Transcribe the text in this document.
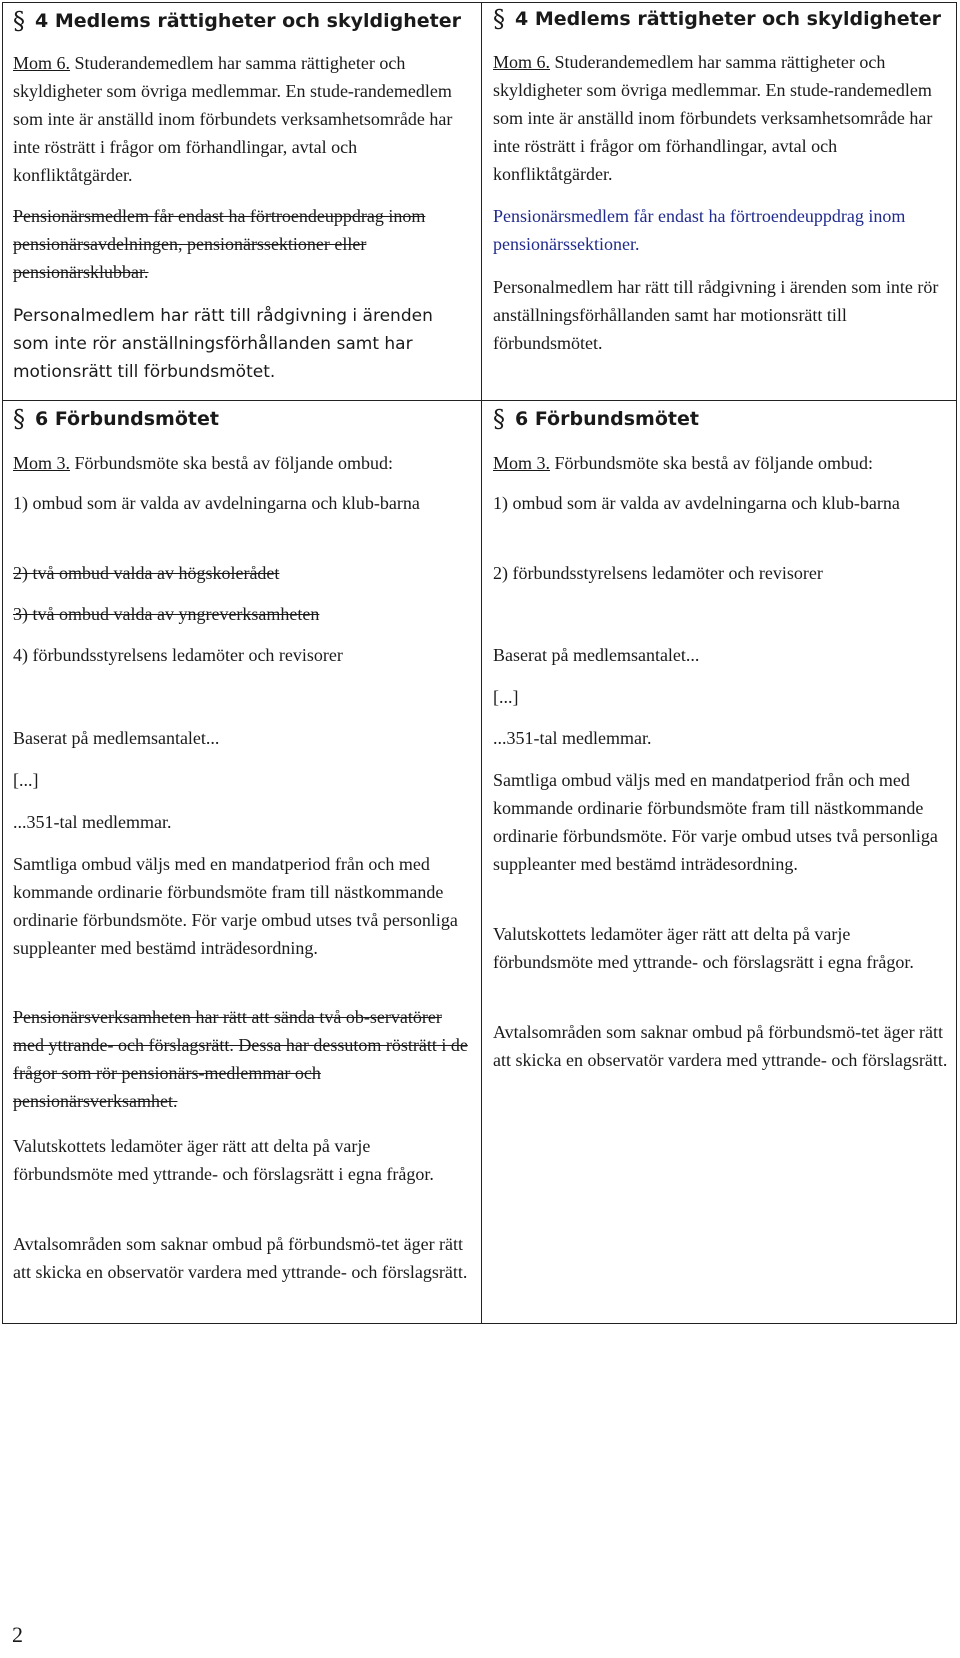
§ 4 Medlems rättigheter och skyldigheter

Mom 6. Studerandemedlem har samma rättigheter och skyldigheter som övriga medlemmar. En stude-randemedlem som inte är anställd inom förbundets verksamhetsområde har inte rösträtt i frågor om förhandlingar, avtal och konfliktåtgärder.

Pensionärsmedlem får endast ha förtroendeuppdrag inom pensionärsavdelningen, pensionärssektioner eller pensionärsklubbar.

Personalmedlem har rätt till rådgivning i ärenden som inte rör anställningsförhållanden samt har motionsrätt till förbundsmötet.

§ 6 Förbundsmötet

Mom 3. Förbundsmöte ska bestå av följande ombud:

1) ombud som är valda av avdelningarna och klub-barna

2) två ombud valda av högskolerådet

3) två ombud valda av yngreverksamheten

4) förbundsstyrelsens ledamöter och revisorer

Baserat på medlemsantalet...

[...]

...351-tal medlemmar.

Samtliga ombud väljs med en mandatperiod från och med kommande ordinarie förbundsmöte fram till nästkommande ordinarie förbundsmöte. För varje ombud utses två personliga suppleanter med bestämd inträdesordning.

Pensionärsverksamheten har rätt att sända två ob-servatörer med yttrande- och förslagsrätt. Dessa har dessutom rösträtt i de frågor som rör pensionärs-medlemmar och pensionärsverksamhet.

Valutskottets ledamöter äger rätt att delta på varje förbundsmöte med yttrande- och förslagsrätt i egna frågor.

Avtalsområden som saknar ombud på förbundsmö-tet äger rätt att skicka en observatör vardera med yttrande- och förslagsrätt.

§ 4 Medlems rättigheter och skyldigheter

Mom 6. Studerandemedlem har samma rättigheter och skyldigheter som övriga medlemmar. En stude-randemedlem som inte är anställd inom förbundets verksamhetsområde har inte rösträtt i frågor om förhandlingar, avtal och konfliktåtgärder.

Pensionärsmedlem får endast ha förtroendeuppdrag inom pensionärssektioner.

Personalmedlem har rätt till rådgivning i ärenden som inte rör anställningsförhållanden samt har motionsrätt till förbundsmötet.

§ 6 Förbundsmötet

Mom 3. Förbundsmöte ska bestå av följande ombud:

1) ombud som är valda av avdelningarna och klub-barna

2) förbundsstyrelsens ledamöter och revisorer

Baserat på medlemsantalet...

[...]

...351-tal medlemmar.

Samtliga ombud väljs med en mandatperiod från och med kommande ordinarie förbundsmöte fram till nästkommande ordinarie förbundsmöte. För varje ombud utses två personliga suppleanter med bestämd inträdesordning.

Valutskottets ledamöter äger rätt att delta på varje förbundsmöte med yttrande- och förslagsrätt i egna frågor.

Avtalsområden som saknar ombud på förbundsmö-tet äger rätt att skicka en observatör vardera med yttrande- och förslagsrätt.

2
